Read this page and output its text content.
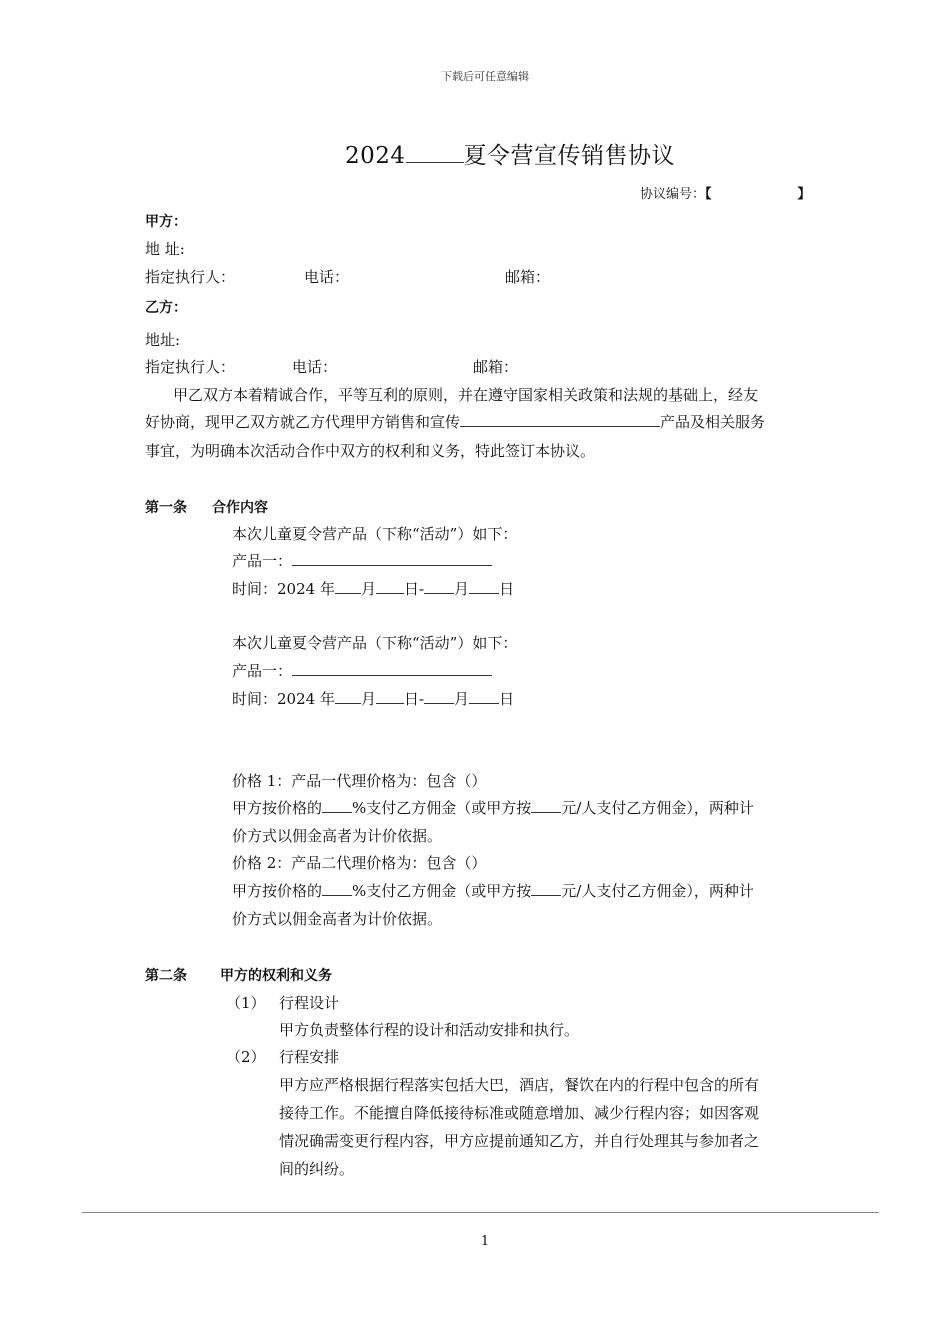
下载后可任意编辑
2024	夏令营宣传销售协议
协议编号：【	】
甲方：
地 址:
指定执行人：	电话：	邮箱：
乙方：
地址:
指定执行人：	电话：	邮箱：
甲乙双方本着精诚合作，平等互利的原则，并在遵守国家相关政策和法规的基础上，经友
好协商，现甲乙双方就乙方代理甲方销售和宣传	产品及相关服务
事宜，为明确本次活动合作中双方的权利和义务，特此签订本协议。
第一条 合作内容
本次儿童夏令营产品（下称“活动”）如下：
产品一：
时间：2024 年 月 日- 月 日
本次儿童夏令营产品（下称“活动”）如下：
产品一：
时间：2024 年 月 日- 月 日
价格 1：产品一代理价格为：包含（）
甲方按价格的 %支付乙方佣金（或甲方按 元/人支付乙方佣金），两种计
价方式以佣金高者为计价依据。
价格 2：产品二代理价格为：包含（）
甲方按价格的 %支付乙方佣金（或甲方按 元/人支付乙方佣金），两种计
价方式以佣金高者为计价依据。
第二条 甲方的权利和义务
（1） 行程设计
甲方负责整体行程的设计和活动安排和执行。
（2） 行程安排
甲方应严格根据行程落实包括大巴，酒店，餐饮在内的行程中包含的所有
接待工作。不能擅自降低接待标准或随意增加、减少行程内容；如因客观
情况确需变更行程内容，甲方应提前通知乙方，并自行处理其与参加者之
间的纠纷。
1
